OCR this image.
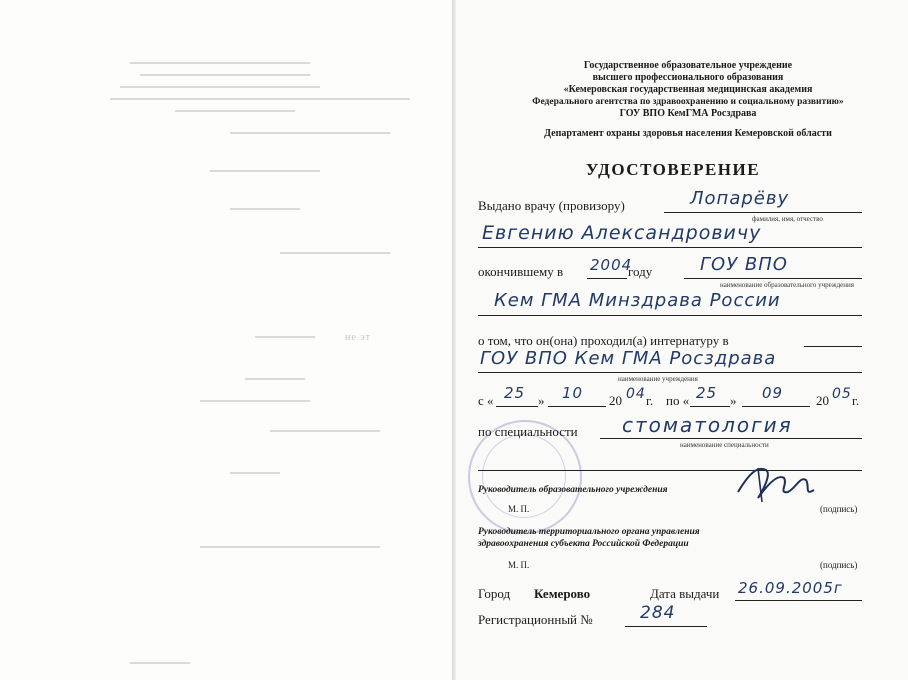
не эт
Государственное образовательное учреждение
высшего профессионального образования
«Кемеровская государственная медицинская академия
Федерального агентства по здравоохранению и социальному развитию»
ГОУ ВПО КемГМА Росздрава
Департамент охраны здоровья населения Кемеровской области
УДОСТОВЕРЕНИЕ
Выдано врачу (провизору)	Лопарёву
фамилия, имя, отчество
Евгению Александровичу
окончившему в 2004
году	ГОУ ВПО
наименование образовательного учреждения
Кем ГМА Минздрава России
о том, что он(она) проходил(а) интернатуру в
ГОУ ВПО Кем ГМА Росздрава
наименование учреждения
с « 25 » 10 20 04 г. по « 25 » 09	20 05 г.
по специальности стоматология
наименование специальности
Руководитель образовательного учреждения
М. П.	(подпись)
Руководитель территориального органа управления
здравоохранения субъекта Российской Федерации
М. П.	(подпись)
Город Кемерово	Дата выдачи 26.09.2005г
Регистрационный №	284
